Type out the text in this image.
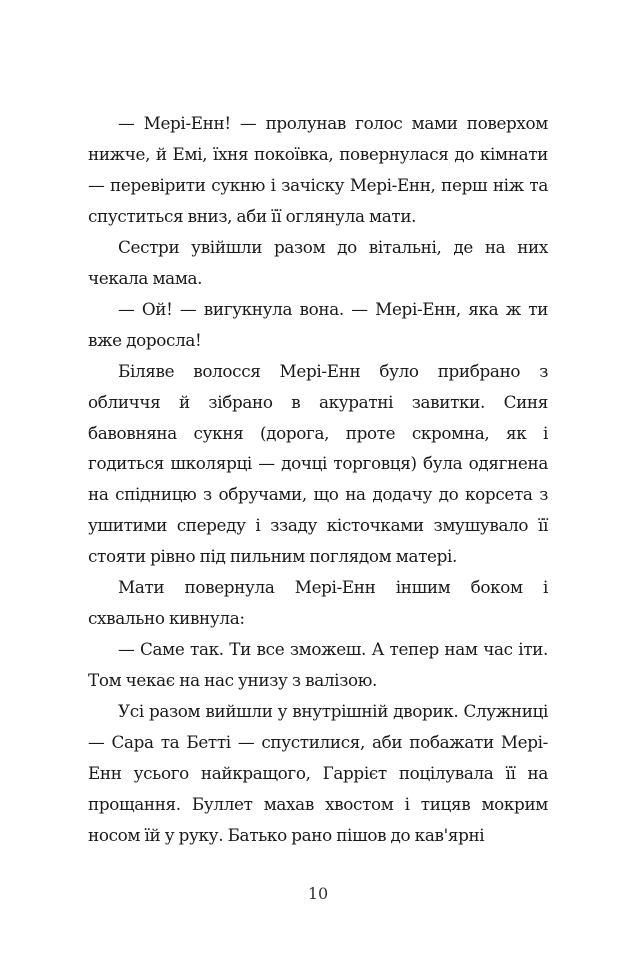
— Мері-Енн! — пролунав голос мами поверхом нижче, й Емі, їхня покоївка, повернулася до кімнати — перевірити сукню і зачіску Мері-Енн, перш ніж та спуститься вниз, аби її оглянула мати.

Сестри увійшли разом до вітальні, де на них чекала мама.

— Ой! — вигукнула вона. — Мері-Енн, яка ж ти вже доросла!

Біляве волосся Мері-Енн було прибрано з обличчя й зібрано в акуратні завитки. Синя бавовняна сукня (дорога, проте скромна, як і годиться школярці — дочці торговця) була одягнена на спідницю з обручами, що на додачу до корсета з ушитими спереду і ззаду кісточками змушувало її стояти рівно під пильним поглядом матері.

Мати повернула Мері-Енн іншим боком і схвально кивнула:

— Саме так. Ти все зможеш. А тепер нам час іти. Том чекає на нас унизу з валізою.

Усі разом вийшли у внутрішній дворик. Служниці — Сара та Бетті — спустилися, аби побажати Мері-Енн усього найкращого, Гаррієт поцілувала її на прощання. Буллет махав хвостом і тицяв мокрим носом їй у руку. Батько рано пішов до кав'ярні

10
